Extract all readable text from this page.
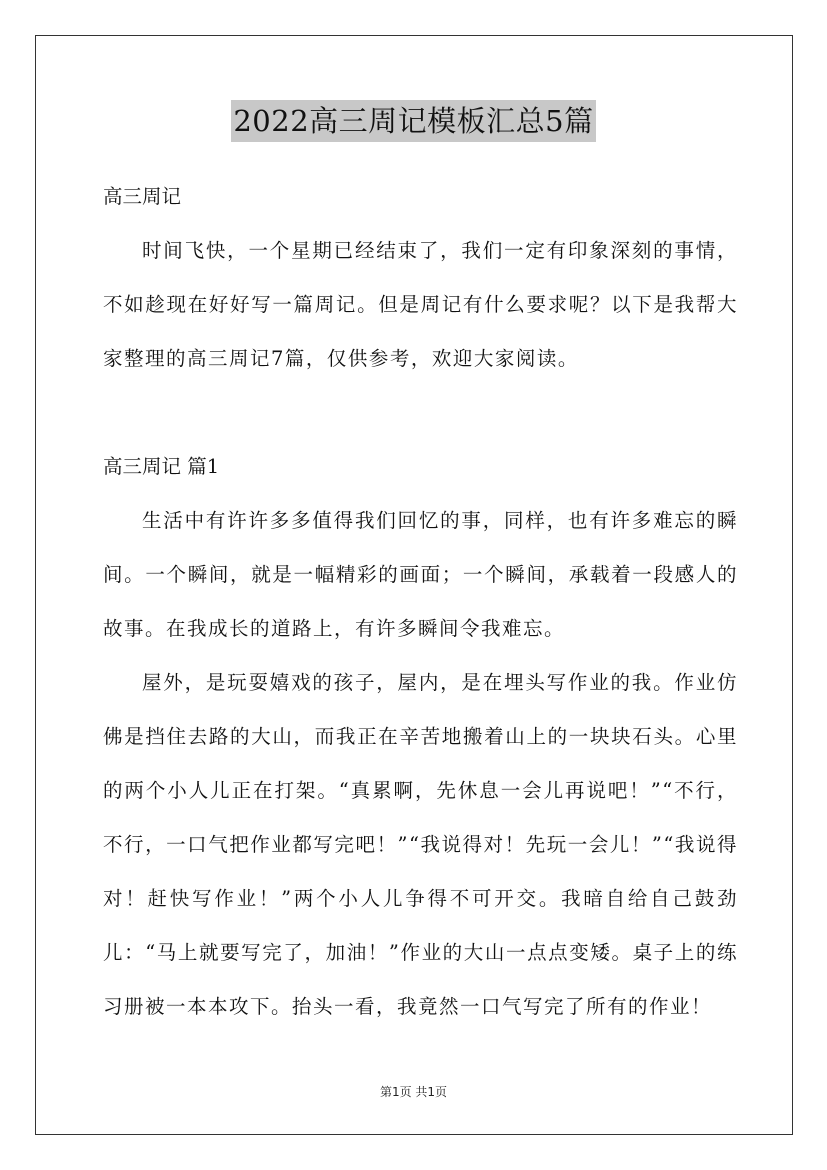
2022高三周记模板汇总5篇

高三周记

时间飞快，一个星期已经结束了，我们一定有印象深刻的事情，不如趁现在好好写一篇周记。但是周记有什么要求呢？以下是我帮大家整理的高三周记7篇，仅供参考，欢迎大家阅读。

高三周记 篇1

生活中有许许多多值得我们回忆的事，同样，也有许多难忘的瞬间。一个瞬间，就是一幅精彩的画面；一个瞬间，承载着一段感人的故事。在我成长的道路上，有许多瞬间令我难忘。

屋外，是玩耍嬉戏的孩子，屋内，是在埋头写作业的我。作业仿佛是挡住去路的大山，而我正在辛苦地搬着山上的一块块石头。心里的两个小人儿正在打架。“真累啊，先休息一会儿再说吧！”“不行，不行，一口气把作业都写完吧！”“我说得对！先玩一会儿！”“我说得对！赶快写作业！”两个小人儿争得不可开交。我暗自给自己鼓劲儿：“马上就要写完了，加油！”作业的大山一点点变矮。桌子上的练习册被一本本攻下。抬头一看，我竟然一口气写完了所有的作业！

第1页 共1页
